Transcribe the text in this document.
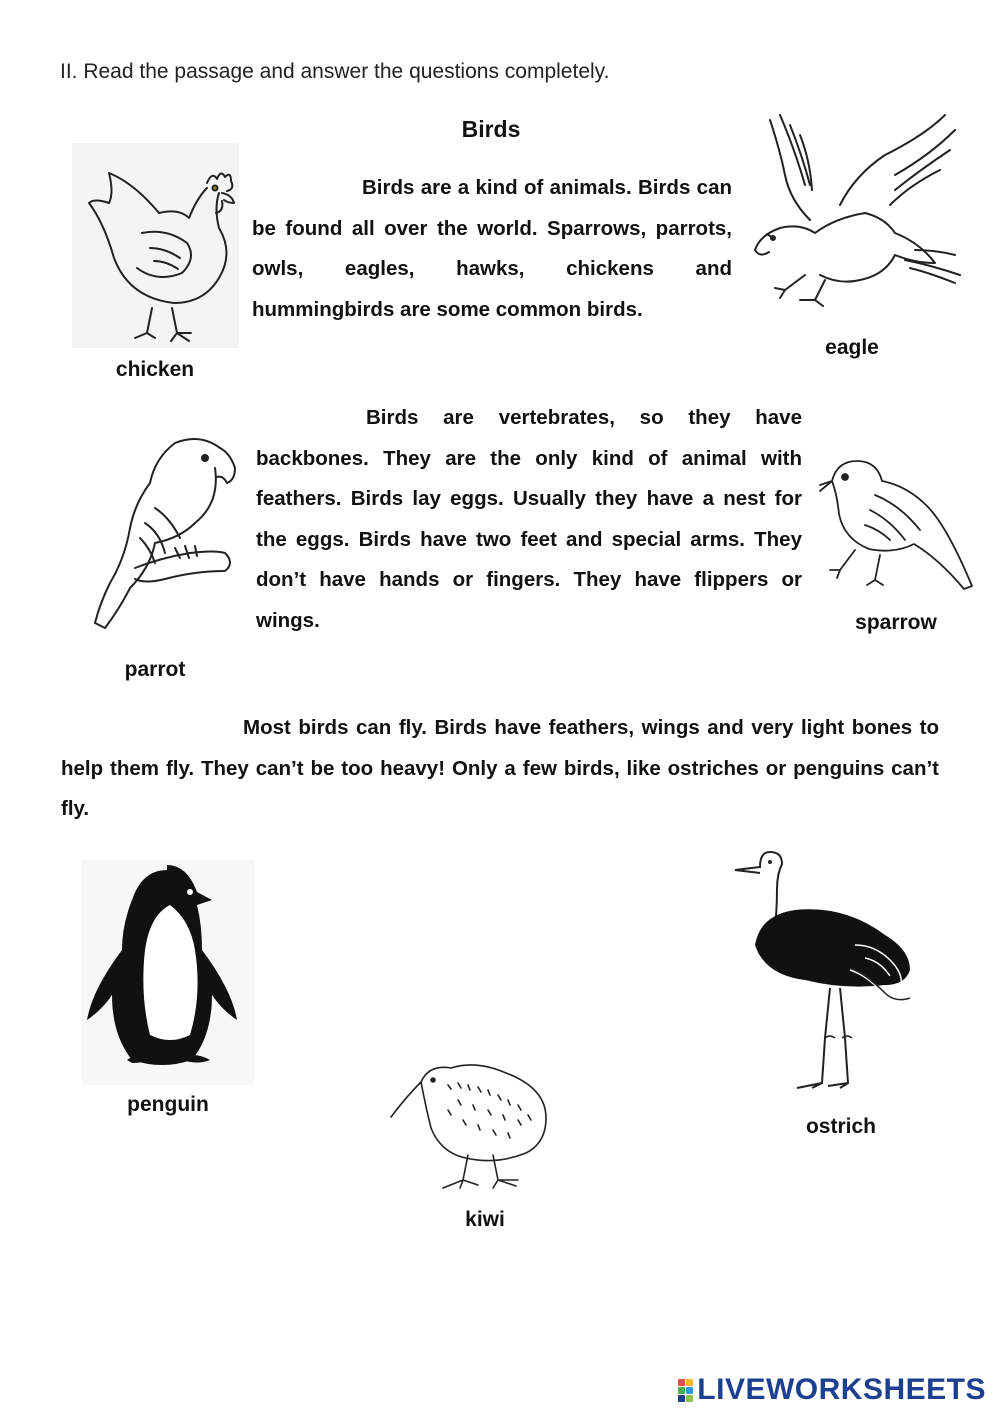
II. Read the passage and answer the questions completely.
Birds
Birds are a kind of animals. Birds can be found all over the world. Sparrows, parrots, owls, eagles, hawks, chickens and hummingbirds are some common birds.
Birds are vertebrates, so they have backbones. They are the only kind of animal with feathers. Birds lay eggs. Usually they have a nest for the eggs. Birds have two feet and special arms. They don’t have hands or fingers. They have flippers or wings.
Most birds can fly. Birds have feathers, wings and very light bones to help them fly. They can’t be too heavy! Only a few birds, like ostriches or penguins can’t fly.
chicken
eagle
parrot
sparrow
penguin
kiwi
ostrich
LIVEWORKSHEETS
